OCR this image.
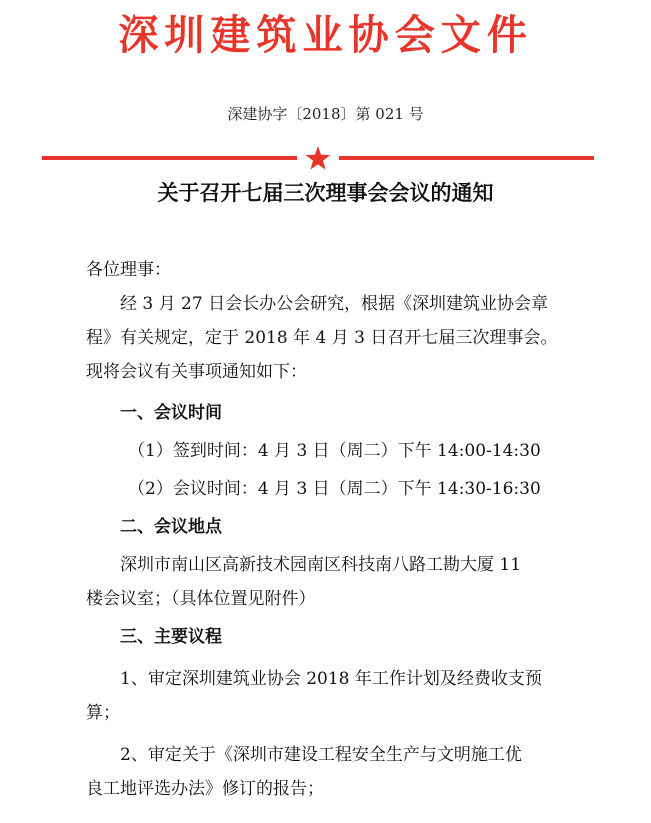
深圳建筑业协会文件
深建协字〔2018〕第 021 号
关于召开七届三次理事会会议的通知

各位理事：

经 3 月 27 日会长办公会研究，根据《深圳建筑业协会章

程》有关规定，定于 2018 年 4 月 3 日召开七届三次理事会。

现将会议有关事项通知如下：

一、会议时间

（1）签到时间：4 月 3 日（周二）下午 14:00-14:30

（2）会议时间：4 月 3 日（周二）下午 14:30-16:30

二、会议地点

深圳市南山区高新技术园南区科技南八路工勘大厦 11

楼会议室；（具体位置见附件）

三、主要议程

1、审定深圳建筑业协会 2018 年工作计划及经费收支预

算；

2、审定关于《深圳市建设工程安全生产与文明施工优

良工地评选办法》修订的报告；
